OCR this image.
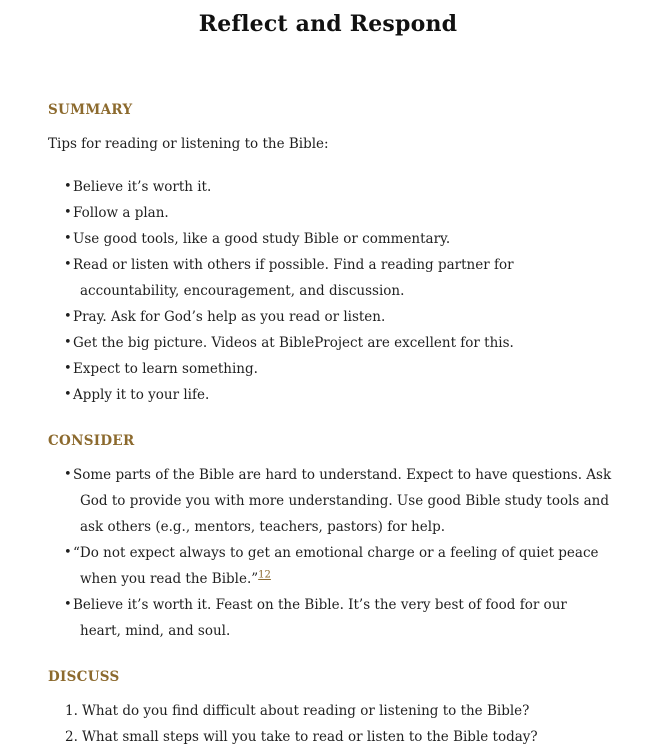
Reflect and Respond
SUMMARY
Tips for reading or listening to the Bible:
• Believe it’s worth it.
• Follow a plan.
• Use good tools, like a good study Bible or commentary.
• Read or listen with others if possible. Find a reading partner for accountability, encouragement, and discussion.
• Pray. Ask for God’s help as you read or listen.
• Get the big picture. Videos at BibleProject are excellent for this.
• Expect to learn something.
• Apply it to your life.
CONSIDER
• Some parts of the Bible are hard to understand. Expect to have questions. Ask God to provide you with more understanding. Use good Bible study tools and ask others (e.g., mentors, teachers, pastors) for help.
• “Do not expect always to get an emotional charge or a feeling of quiet peace when you read the Bible.”$^{12}$
• Believe it’s worth it. Feast on the Bible. It’s the very best of food for our heart, mind, and soul.
DISCUSS
1. What do you find difficult about reading or listening to the Bible?
2. What small steps will you take to read or listen to the Bible today?
